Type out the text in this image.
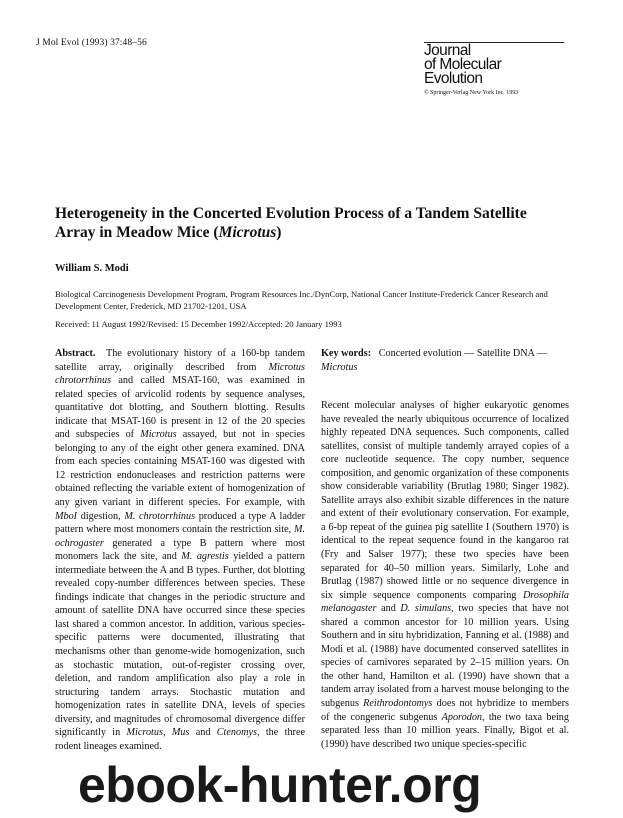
J Mol Evol (1993) 37:48–56	Journal
of Molecular
Evolution
© Springer-Verlag New York Inc. 1993
Heterogeneity in the Concerted Evolution Process of a Tandem Satellite Array in Meadow Mice (Microtus)
William S. Modi
Biological Carcinogenesis Development Program, Program Resources Inc./DynCorp, National Cancer Institute-Frederick Cancer Research and Development Center, Frederick, MD 21702-1201, USA
Received: 11 August 1992/Revised: 15 December 1992/Accepted: 20 January 1993
Abstract. The evolutionary history of a 160-bp tandem satellite array, originally described from Microtus chrotorrhinus and called MSAT-160, was examined in related species of arvicolid rodents by sequence analyses, quantitative dot blotting, and Southern blotting. Results indicate that MSAT-160 is present in 12 of the 20 species and subspecies of Microtus assayed, but not in species belonging to any of the eight other genera examined. DNA from each species containing MSAT-160 was digested with 12 restriction endonucleases and restriction patterns were obtained reflecting the variable extent of homogenization of any given variant in different species. For example, with MboI digestion, M. chrotorrhinus produced a type A ladder pattern where most monomers contain the restriction site, M. ochrogaster generated a type B pattern where most monomers lack the site, and M. agrestis yielded a pattern intermediate between the A and B types. Further, dot blotting revealed copy-number differences between species. These findings indicate that changes in the periodic structure and amount of satellite DNA have occurred since these species last shared a common ancestor. In addition, various species-specific patterns were documented, illustrating that mechanisms other than genome-wide homogenization, such as stochastic mutation, out-of-register crossing over, deletion, and random amplification also play a role in structuring tandem arrays. Stochastic mutation and homogenization rates in satellite DNA, levels of species diversity, and magnitudes of chromosomal divergence differ significantly in Microtus, Mus and Ctenomys, the three rodent lineages examined.
Key words: Concerted evolution — Satellite DNA — Microtus
Recent molecular analyses of higher eukaryotic genomes have revealed the nearly ubiquitous occurrence of localized highly repeated DNA sequences. Such components, called satellites, consist of multiple tandemly arrayed copies of a core nucleotide sequence. The copy number, sequence composition, and genomic organization of these components show considerable variability (Brutlag 1980; Singer 1982). Satellite arrays also exhibit sizable differences in the nature and extent of their evolutionary conservation. For example, a 6-bp repeat of the guinea pig satellite I (Southern 1970) is identical to the repeat sequence found in the kangaroo rat (Fry and Salser 1977); these two species have been separated for 40–50 million years. Similarly, Lohe and Brutlag (1987) showed little or no sequence divergence in six simple sequence components comparing Drosophila melanogaster and D. simulans, two species that have not shared a common ancestor for 10 million years. Using Southern and in situ hybridization, Fanning et al. (1988) and Modi et al. (1988) have documented conserved satellites in species of carnivores separated by 2–15 million years. On the other hand, Hamilton et al. (1990) have shown that a tandem array isolated from a harvest mouse belonging to the subgenus Reithrodontomys does not hybridize to members of the congeneric subgenus Aporodon, the two taxa being separated less than 10 million years. Finally, Bigot et al. (1990) have described two unique species-specific
ebook-hunter.org
